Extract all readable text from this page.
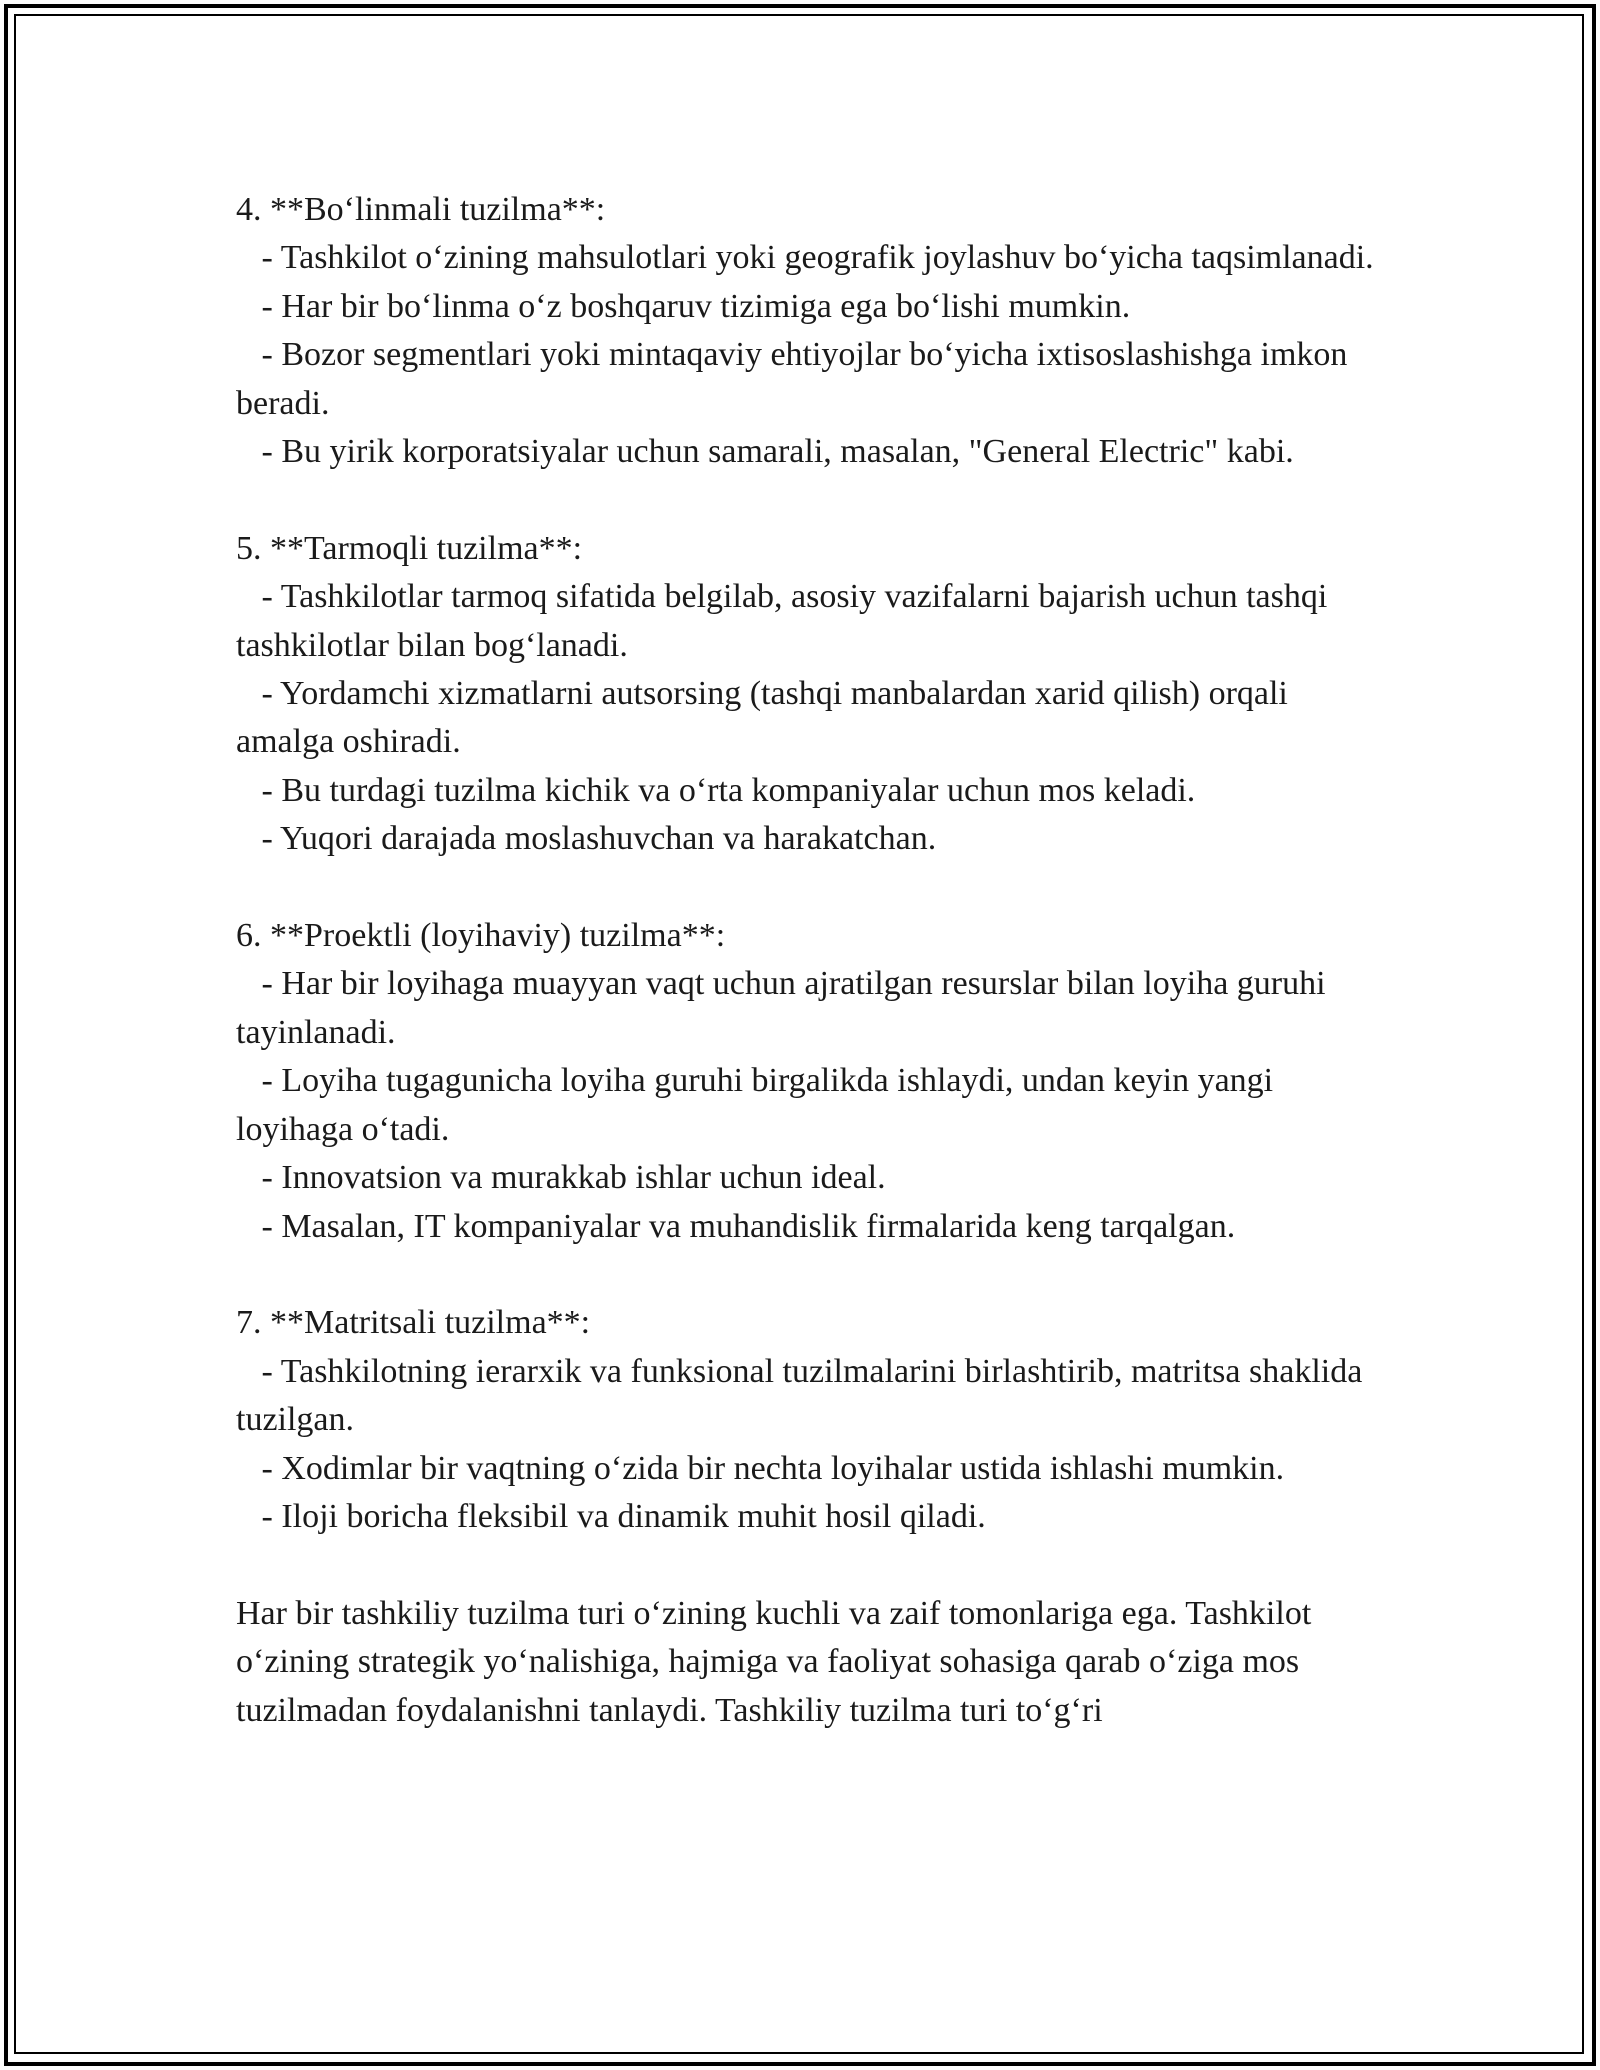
4. **Bo‘linmali tuzilma**:
- Tashkilot o‘zining mahsulotlari yoki geografik joylashuv bo‘yicha taqsimlanadi.
- Har bir bo‘linma o‘z boshqaruv tizimiga ega bo‘lishi mumkin.
- Bozor segmentlari yoki mintaqaviy ehtiyojlar bo‘yicha ixtisoslashishga imkon beradi.
- Bu yirik korporatsiyalar uchun samarali, masalan, "General Electric" kabi.
5. **Tarmoqli tuzilma**:
- Tashkilotlar tarmoq sifatida belgilab, asosiy vazifalarni bajarish uchun tashqi tashkilotlar bilan bog‘lanadi.
- Yordamchi xizmatlarni autsorsing (tashqi manbalardan xarid qilish) orqali amalga oshiradi.
- Bu turdagi tuzilma kichik va o‘rta kompaniyalar uchun mos keladi.
- Yuqori darajada moslashuvchan va harakatchan.
6. **Proektli (loyihaviy) tuzilma**:
- Har bir loyihaga muayyan vaqt uchun ajratilgan resurslar bilan loyiha guruhi tayinlanadi.
- Loyiha tugagunicha loyiha guruhi birgalikda ishlaydi, undan keyin yangi loyihaga o‘tadi.
- Innovatsion va murakkab ishlar uchun ideal.
- Masalan, IT kompaniyalar va muhandislik firmalarida keng tarqalgan.
7. **Matritsali tuzilma**:
- Tashkilotning ierarxik va funksional tuzilmalarini birlashtirib, matritsa shaklida tuzilgan.
- Xodimlar bir vaqtning o‘zida bir nechta loyihalar ustida ishlashi mumkin.
- Iloji boricha fleksibil va dinamik muhit hosil qiladi.
Har bir tashkiliy tuzilma turi o‘zining kuchli va zaif tomonlariga ega. Tashkilot o‘zining strategik yo‘nalishiga, hajmiga va faoliyat sohasiga qarab o‘ziga mos tuzilmadan foydalanishni tanlaydi. Tashkiliy tuzilma turi to‘g‘ri
